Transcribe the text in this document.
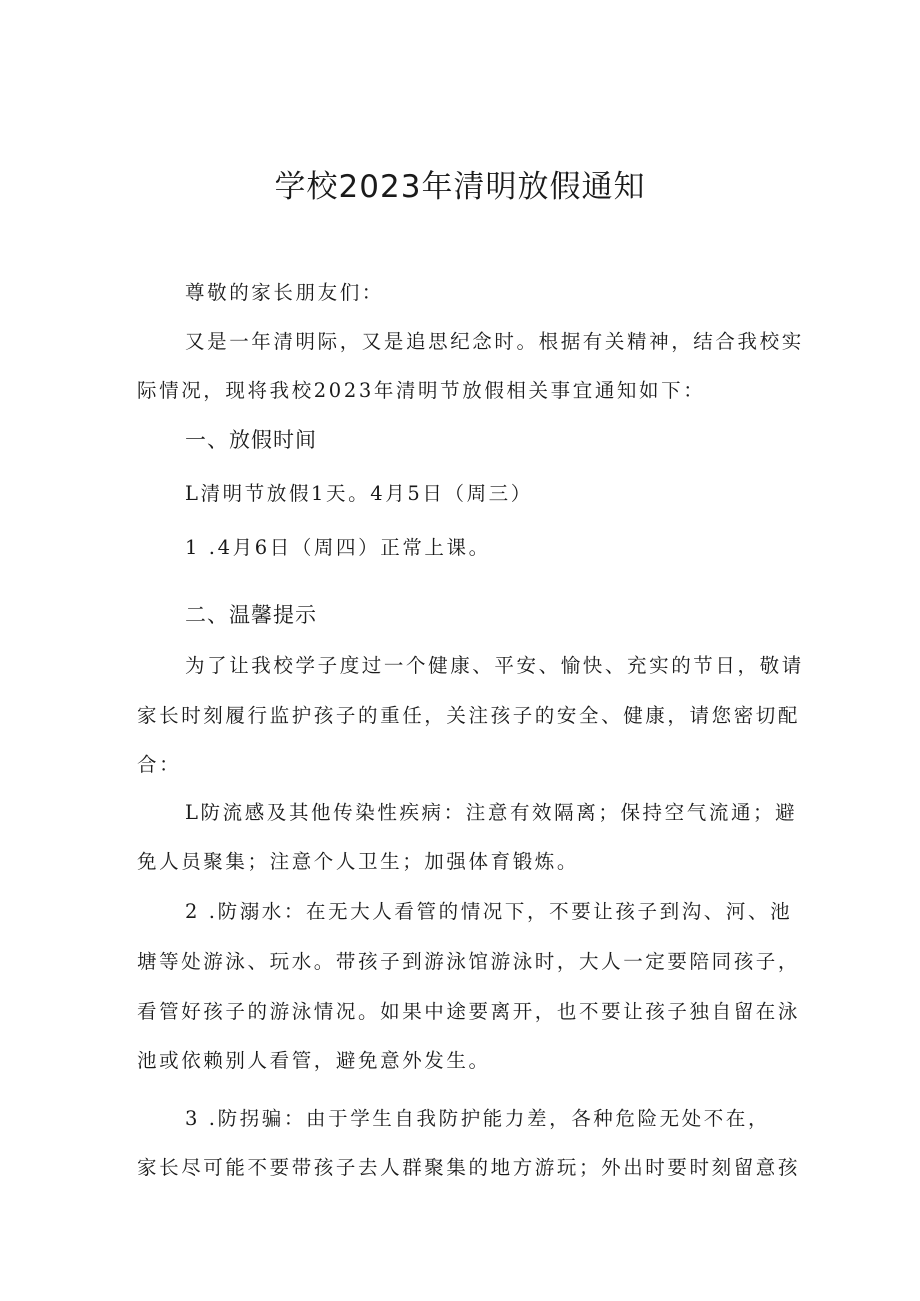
学校2023年清明放假通知
尊敬的家长朋友们：
又是一年清明际，又是追思纪念时。根据有关精神，结合我校实
际情况，现将我校2023年清明节放假相关事宜通知如下：
一、放假时间
L清明节放假1天。4月5日（周三）
1 .4月6日（周四）正常上课。
二、温馨提示
为了让我校学子度过一个健康、平安、愉快、充实的节日，敬请
家长时刻履行监护孩子的重任，关注孩子的安全、健康，请您密切配
合：
L防流感及其他传染性疾病：注意有效隔离；保持空气流通；避
免人员聚集；注意个人卫生；加强体育锻炼。
2 .防溺水：在无大人看管的情况下，不要让孩子到沟、河、池
塘等处游泳、玩水。带孩子到游泳馆游泳时，大人一定要陪同孩子，
看管好孩子的游泳情况。如果中途要离开，也不要让孩子独自留在泳
池或依赖别人看管，避免意外发生。
3 .防拐骗：由于学生自我防护能力差，各种危险无处不在，
家长尽可能不要带孩子去人群聚集的地方游玩；外出时要时刻留意孩
